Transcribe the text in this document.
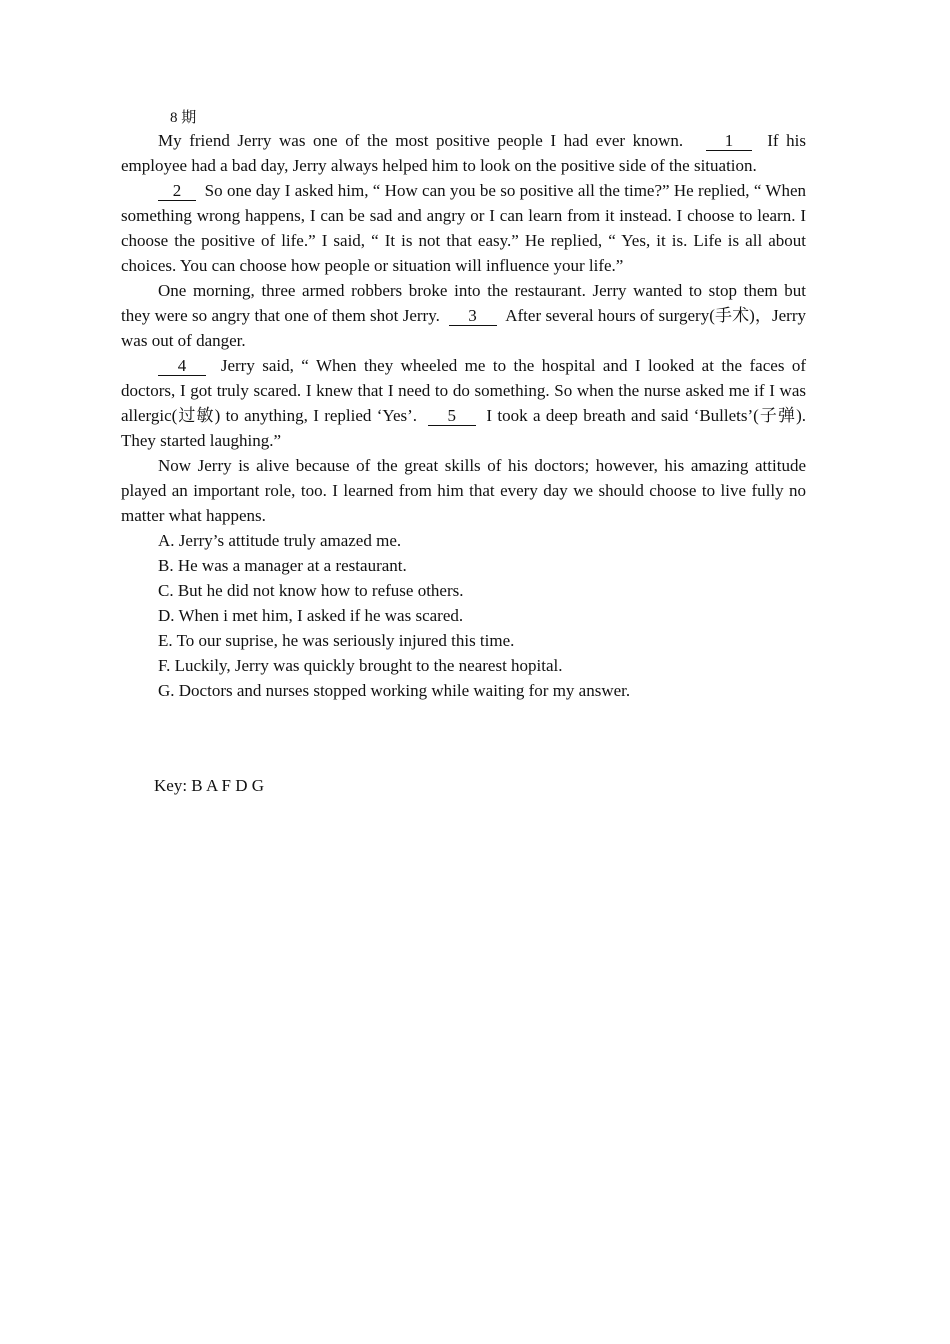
8 期

My friend Jerry was one of the most positive people I had ever known. 1 If his employee had a bad day, Jerry always helped him to look on the positive side of the situation.

2 So one day I asked him, “ How can you be so positive all the time?” He replied, “ When something wrong happens, I can be sad and angry or I can learn from it instead. I choose to learn. I choose the positive of life.” I said, “ It is not that easy.” He replied, “ Yes, it is. Life is all about choices. You can choose how people or situation will influence your life.”

One morning, three armed robbers broke into the restaurant. Jerry wanted to stop them but they were so angry that one of them shot Jerry. 3 After several hours of surgery(手术)，Jerry was out of danger.

4 Jerry said, “ When they wheeled me to the hospital and I looked at the faces of doctors, I got truly scared. I knew that I need to do something. So when the nurse asked me if I was allergic(过敏) to anything, I replied ‘Yes’. 5 I took a deep breath and said ‘Bullets’(子弹). They started laughing.”

Now Jerry is alive because of the great skills of his doctors; however, his amazing attitude played an important role, too. I learned from him that every day we should choose to live fully no matter what happens.

A. Jerry’s attitude truly amazed me.

B. He was a manager at a restaurant.

C. But he did not know how to refuse others.

D. When i met him, I asked if he was scared.

E. To our suprise, he was seriously injured this time.

F. Luckily, Jerry was quickly brought to the nearest hopital.

G. Doctors and nurses stopped working while waiting for my answer.

Key: B A F D G
